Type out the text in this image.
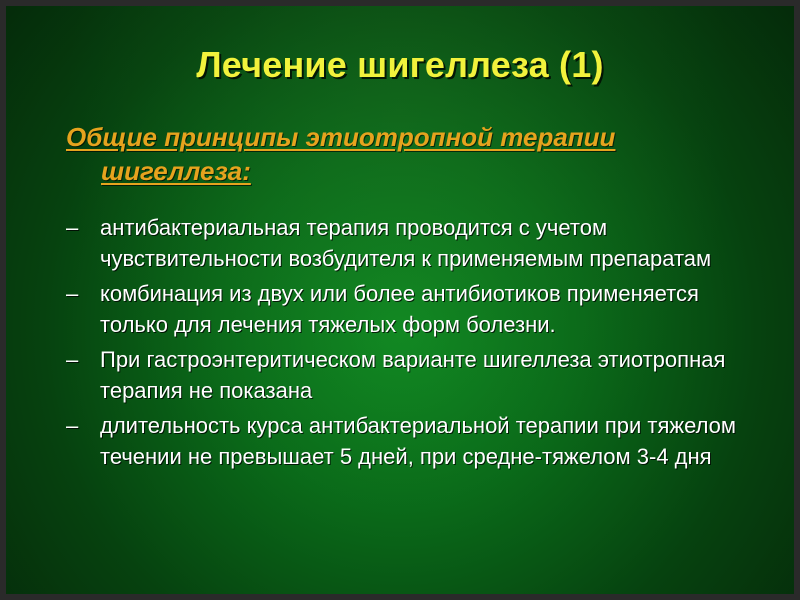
Лечение шигеллеза (1)
Общие принципы этиотропной терапии
шигеллеза:
– антибактериальная терапия проводится с учетом чувствительности возбудителя к применяемым препаратам
– комбинация из двух или более антибиотиков применяется только для лечения тяжелых форм болезни.
– При гастроэнтеритическом варианте шигеллеза этиотропная терапия не показана
– длительность курса антибактериальной терапии при тяжелом течении не превышает 5 дней, при средне-тяжелом 3-4 дня
